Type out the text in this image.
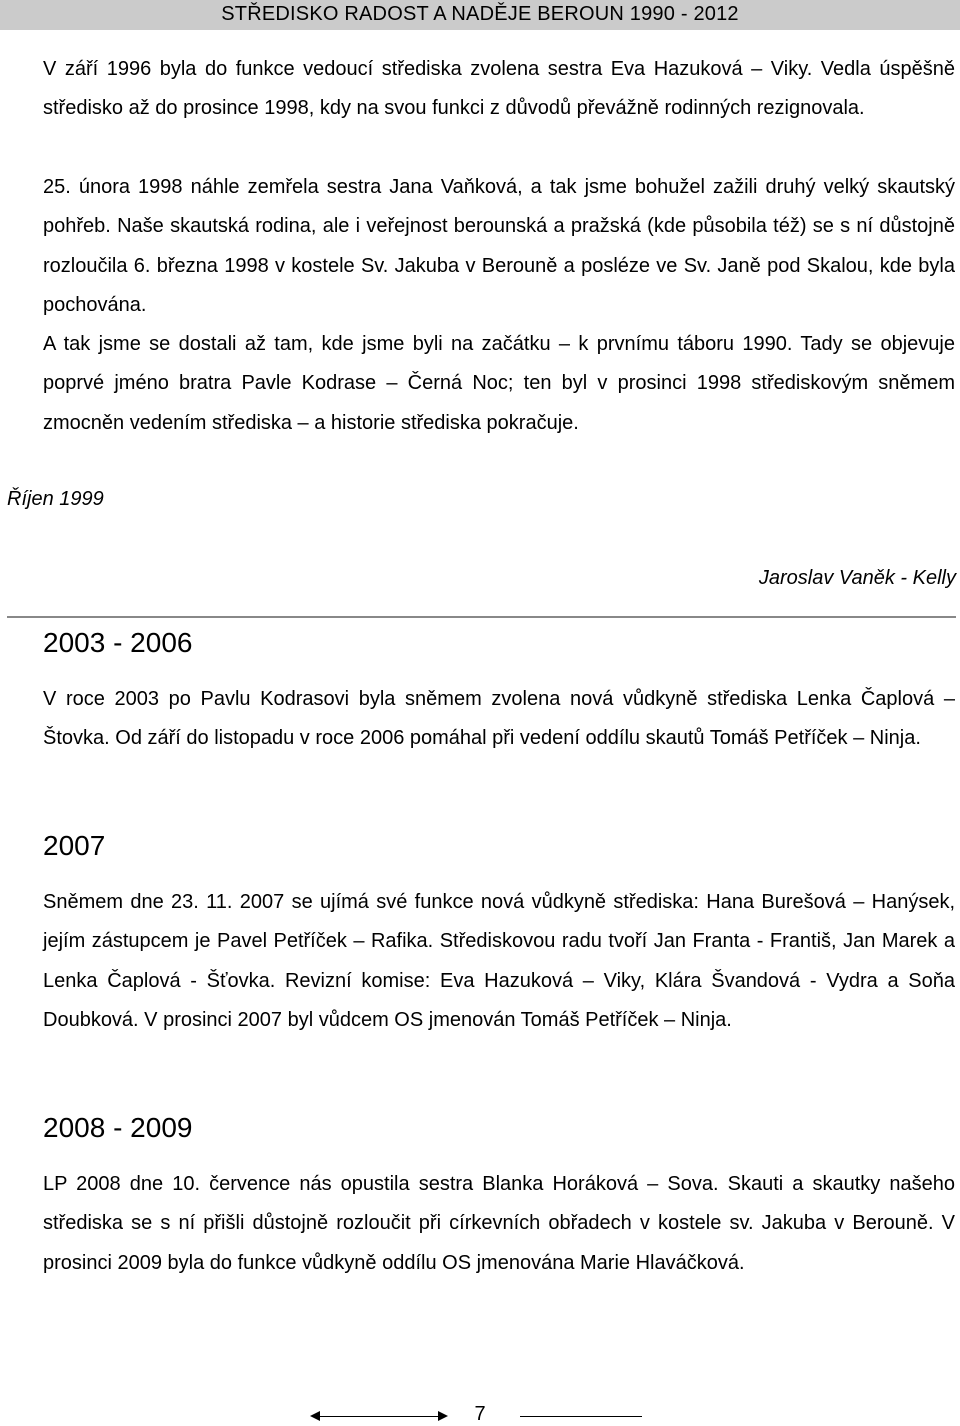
STŘEDISKO RADOST A NADĚJE BEROUN 1990 - 2012

V září 1996 byla do funkce vedoucí střediska zvolena sestra Eva Hazuková – Viky. Vedla úspěšně středisko až do prosince 1998, kdy na svou funkci z důvodů převážně rodinných rezignovala.

25. února 1998 náhle zemřela sestra Jana Vaňková, a tak jsme bohužel zažili druhý velký skautský pohřeb. Naše skautská rodina, ale i veřejnost berounská a pražská (kde působila též) se s ní důstojně rozloučila 6. března 1998 v kostele Sv. Jakuba v Berouně a posléze ve Sv. Janě pod Skalou, kde byla pochována.

A tak jsme se dostali až tam, kde jsme byli na začátku – k prvnímu táboru 1990. Tady se objevuje poprvé jméno bratra Pavle Kodrase – Černá Noc; ten byl v prosinci 1998 střediskovým sněmem zmocněn vedením střediska – a historie střediska pokračuje.

Říjen 1999
Jaroslav Vaněk - Kelly
2003 - 2006

V roce 2003 po Pavlu Kodrasovi byla sněmem zvolena nová vůdkyně střediska Lenka Čaplová – Štovka. Od září do listopadu v roce 2006 pomáhal při vedení oddílu skautů Tomáš Petříček – Ninja.

2007

Sněmem dne 23. 11. 2007 se ujímá své funkce nová vůdkyně střediska: Hana Burešová – Hanýsek, jejím zástupcem je Pavel Petříček – Rafika. Střediskovou radu tvoří Jan Franta - Františ, Jan Marek a Lenka Čaplová - Šťovka. Revizní komise: Eva Hazuková – Viky, Klára Švandová - Vydra a Soňa Doubková. V prosinci 2007 byl vůdcem OS jmenován Tomáš Petříček – Ninja.

2008 - 2009

LP 2008 dne 10. července nás opustila sestra Blanka Horáková – Sova. Skauti a skautky našeho střediska se s ní přišli důstojně rozloučit při církevních obřadech v kostele sv. Jakuba v Berouně. V prosinci 2009 byla do funkce vůdkyně oddílu OS jmenována Marie Hlaváčková.

7
